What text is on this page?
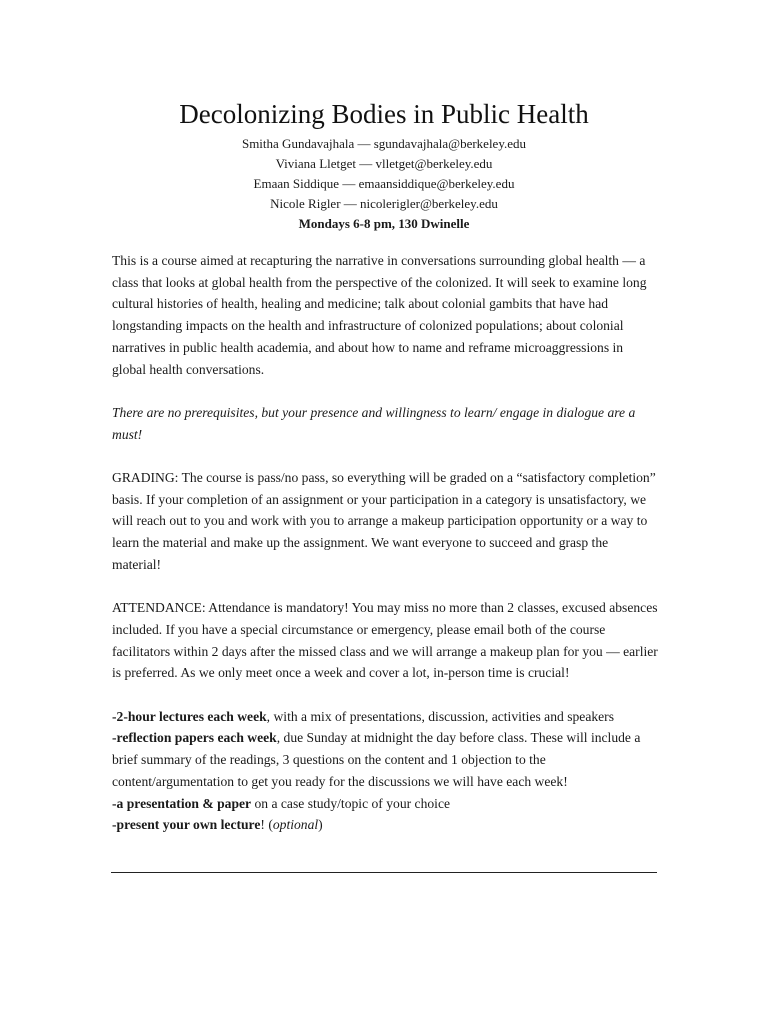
Decolonizing Bodies in Public Health
Smitha Gundavajhala — sgundavajhala@berkeley.edu
Viviana Lletget — vlletget@berkeley.edu
Emaan Siddique — emaansiddique@berkeley.edu
Nicole Rigler — nicolerigler@berkeley.edu
Mondays 6-8 pm, 130 Dwinelle

This is a course aimed at recapturing the narrative in conversations surrounding global health — a class that looks at global health from the perspective of the colonized. It will seek to examine long cultural histories of health, healing and medicine; talk about colonial gambits that have had longstanding impacts on the health and infrastructure of colonized populations; about colonial narratives in public health academia, and about how to name and reframe microaggressions in global health conversations.

There are no prerequisites, but your presence and willingness to learn/ engage in dialogue are a must!

GRADING: The course is pass/no pass, so everything will be graded on a “satisfactory completion” basis. If your completion of an assignment or your participation in a category is unsatisfactory, we will reach out to you and work with you to arrange a makeup participation opportunity or a way to learn the material and make up the assignment. We want everyone to succeed and grasp the material!

ATTENDANCE: Attendance is mandatory! You may miss no more than 2 classes, excused absences included. If you have a special circumstance or emergency, please email both of the course facilitators within 2 days after the missed class and we will arrange a makeup plan for you — earlier is preferred. As we only meet once a week and cover a lot, in-person time is crucial!

-2-hour lectures each week, with a mix of presentations, discussion, activities and speakers
-reflection papers each week, due Sunday at midnight the day before class. These will include a brief summary of the readings, 3 questions on the content and 1 objection to the content/argumentation to get you ready for the discussions we will have each week!
-a presentation & paper on a case study/topic of your choice
-present your own lecture! (optional)
